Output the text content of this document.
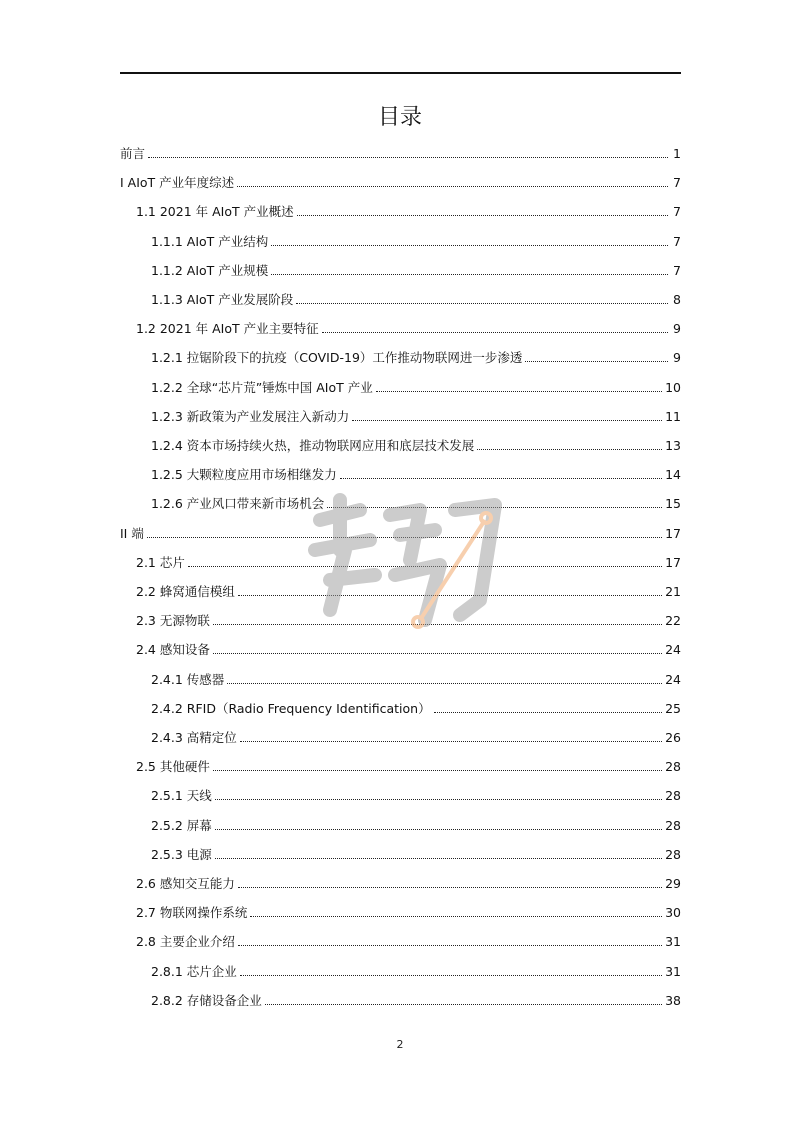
目录
前言	1
I AIoT 产业年度综述	7
1.1 2021 年 AIoT 产业概述	7
1.1.1 AIoT 产业结构	7
1.1.2 AIoT 产业规模	7
1.1.3 AIoT 产业发展阶段	8
1.2 2021 年 AIoT 产业主要特征	9
1.2.1 拉锯阶段下的抗疫（COVID-19）工作推动物联网进一步渗透	9
1.2.2 全球“芯片荒”锤炼中国 AIoT 产业	10
1.2.3 新政策为产业发展注入新动力	11
1.2.4 资本市场持续火热，推动物联网应用和底层技术发展	13
1.2.5 大颗粒度应用市场相继发力	14
1.2.6 产业风口带来新市场机会	15
II 端	17
2.1 芯片	17
2.2 蜂窝通信模组	21
2.3 无源物联	22
2.4 感知设备	24
2.4.1 传感器	24
2.4.2 RFID（Radio Frequency Identification）	25
2.4.3 高精定位	26
2.5 其他硬件	28
2.5.1 天线	28
2.5.2 屏幕	28
2.5.3 电源	28
2.6 感知交互能力	29
2.7 物联网操作系统	30
2.8 主要企业介绍	31
2.8.1 芯片企业	31
2.8.2 存储设备企业	38
2
